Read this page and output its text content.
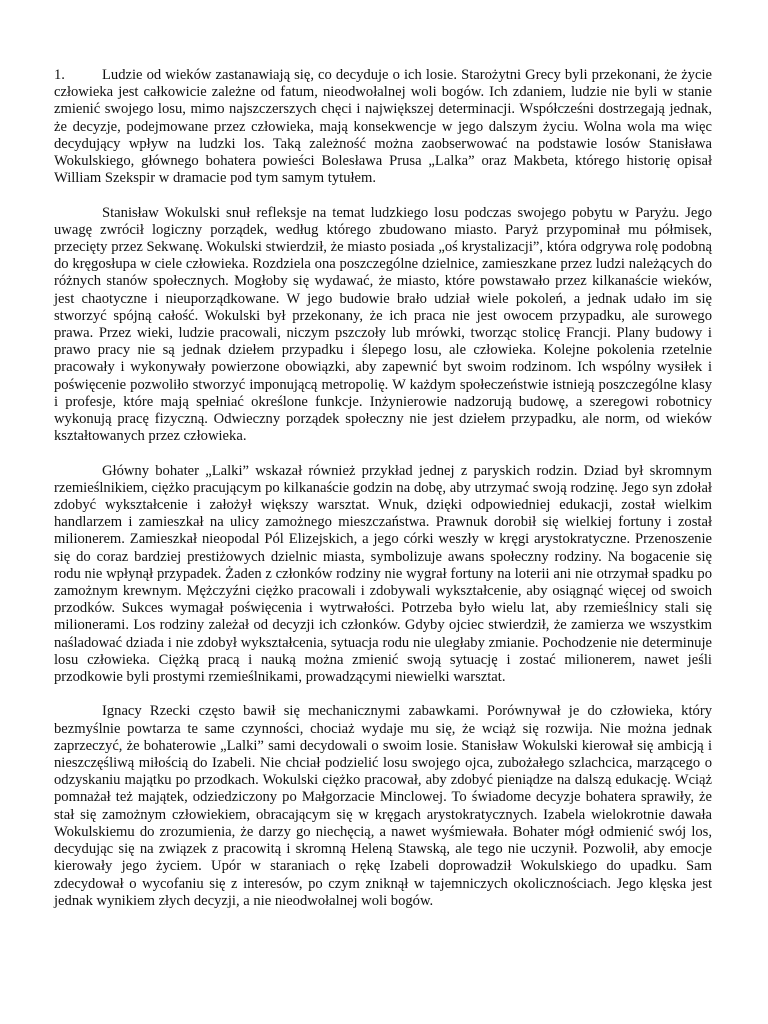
1.	Ludzie od wieków zastanawiają się, co decyduje o ich losie. Starożytni Grecy byli przekonani, że życie człowieka jest całkowicie zależne od fatum, nieodwołalnej woli bogów. Ich zdaniem, ludzie nie byli w stanie zmienić swojego losu, mimo najszczerszych chęci i największej determinacji. Współcześni dostrzegają jednak, że decyzje, podejmowane przez człowieka, mają konsekwencje w jego dalszym życiu. Wolna wola ma więc decydujący wpływ na ludzki los. Taką zależność można zaobserwować na podstawie losów Stanisława Wokulskiego, głównego bohatera powieści Bolesława Prusa „Lalka” oraz Makbeta, którego historię opisał William Szekspir w dramacie pod tym samym tytułem.

Stanisław Wokulski snuł refleksje na temat ludzkiego losu podczas swojego pobytu w Paryżu. Jego uwagę zwrócił logiczny porządek, według którego zbudowano miasto. Paryż przypominał mu półmisek, przecięty przez Sekwanę. Wokulski stwierdził, że miasto posiada „oś krystalizacji”, która odgrywa rolę podobną do kręgosłupa w ciele człowieka. Rozdziela ona poszczególne dzielnice, zamieszkane przez ludzi należących do różnych stanów społecznych. Mogłoby się wydawać, że miasto, które powstawało przez kilkanaście wieków, jest chaotyczne i nieuporządkowane. W jego budowie brało udział wiele pokoleń, a jednak udało im się stworzyć spójną całość. Wokulski był przekonany, że ich praca nie jest owocem przypadku, ale surowego prawa. Przez wieki, ludzie pracowali, niczym pszczoły lub mrówki, tworząc stolicę Francji. Plany budowy i prawo pracy nie są jednak dziełem przypadku i ślepego losu, ale człowieka. Kolejne pokolenia rzetelnie pracowały i wykonywały powierzone obowiązki, aby zapewnić byt swoim rodzinom. Ich wspólny wysiłek i poświęcenie pozwoliło stworzyć imponującą metropolię. W każdym społeczeństwie istnieją poszczególne klasy i profesje, które mają spełniać określone funkcje. Inżynierowie nadzorują budowę, a szeregowi robotnicy wykonują pracę fizyczną. Odwieczny porządek społeczny nie jest dziełem przypadku, ale norm, od wieków kształtowanych przez człowieka.

Główny bohater „Lalki” wskazał również przykład jednej z paryskich rodzin. Dziad był skromnym rzemieślnikiem, ciężko pracującym po kilkanaście godzin na dobę, aby utrzymać swoją rodzinę. Jego syn zdołał zdobyć wykształcenie i założył większy warsztat. Wnuk, dzięki odpowiedniej edukacji, został wielkim handlarzem i zamieszkał na ulicy zamożnego mieszczaństwa. Prawnuk dorobił się wielkiej fortuny i został milionerem. Zamieszkał nieopodal Pól Elizejskich, a jego córki weszły w kręgi arystokratyczne. Przenoszenie się do coraz bardziej prestiżowych dzielnic miasta, symbolizuje awans społeczny rodziny. Na bogacenie się rodu nie wpłynął przypadek. Żaden z członków rodziny nie wygrał fortuny na loterii ani nie otrzymał spadku po zamożnym krewnym. Mężczyźni ciężko pracowali i zdobywali wykształcenie, aby osiągnąć więcej od swoich przodków. Sukces wymagał poświęcenia i wytrwałości. Potrzeba było wielu lat, aby rzemieślnicy stali się milionerami. Los rodziny zależał od decyzji ich członków. Gdyby ojciec stwierdził, że zamierza we wszystkim naśladować dziada i nie zdobył wykształcenia, sytuacja rodu nie uległaby zmianie. Pochodzenie nie determinuje losu człowieka. Ciężką pracą i nauką można zmienić swoją sytuację i zostać milionerem, nawet jeśli przodkowie byli prostymi rzemieślnikami, prowadzącymi niewielki warsztat.

Ignacy Rzecki często bawił się mechanicznymi zabawkami. Porównywał je do człowieka, który bezmyślnie powtarza te same czynności, chociaż wydaje mu się, że wciąż się rozwija. Nie można jednak zaprzeczyć, że bohaterowie „Lalki” sami decydowali o swoim losie. Stanisław Wokulski kierował się ambicją i nieszczęśliwą miłością do Izabeli. Nie chciał podzielić losu swojego ojca, zubożałego szlachcica, marzącego o odzyskaniu majątku po przodkach. Wokulski ciężko pracował, aby zdobyć pieniądze na dalszą edukację. Wciąż pomnażał też majątek, odziedziczony po Małgorzacie Minclowej. To świadome decyzje bohatera sprawiły, że stał się zamożnym człowiekiem, obracającym się w kręgach arystokratycznych. Izabela wielokrotnie dawała Wokulskiemu do zrozumienia, że darzy go niechęcią, a nawet wyśmiewała. Bohater mógł odmienić swój los, decydując się na związek z pracowitą i skromną Heleną Stawską, ale tego nie uczynił. Pozwolił, aby emocje kierowały jego życiem. Upór w staraniach o rękę Izabeli doprowadził Wokulskiego do upadku. Sam zdecydował o wycofaniu się z interesów, po czym zniknął w tajemniczych okolicznościach. Jego klęska jest jednak wynikiem złych decyzji, a nie nieodwołalnej woli bogów.
